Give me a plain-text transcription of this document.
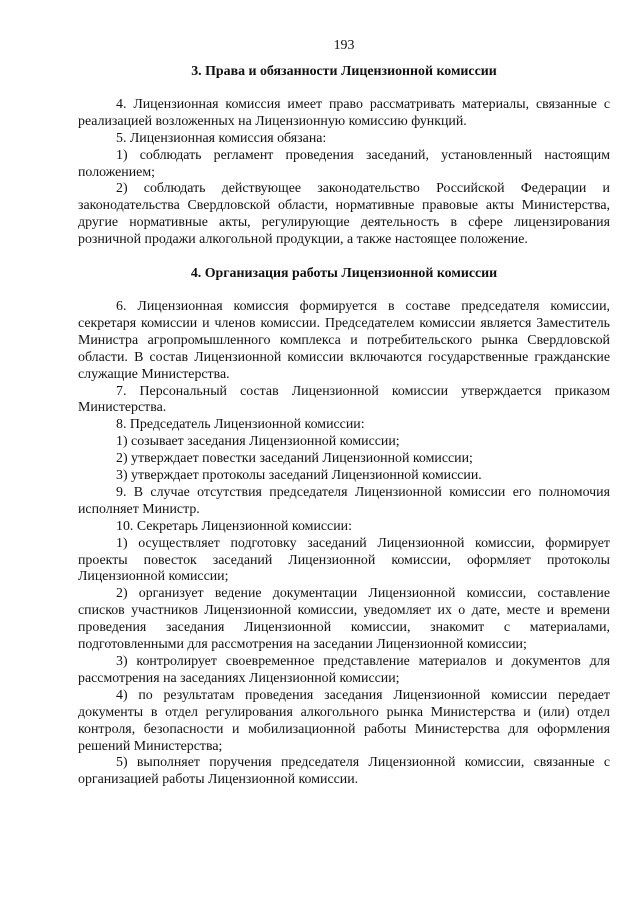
193
3. Права и обязанности Лицензионной комиссии

4. Лицензионная комиссия имеет право рассматривать материалы, связанные с реализацией возложенных на Лицензионную комиссию функций.

5. Лицензионная комиссия обязана:

1) соблюдать регламент проведения заседаний, установленный настоящим положением;

2) соблюдать действующее законодательство Российской Федерации и законодательства Свердловской области, нормативные правовые акты Министерства, другие нормативные акты, регулирующие деятельность в сфере лицензирования розничной продажи алкогольной продукции, а также настоящее положение.

4. Организация работы Лицензионной комиссии

6. Лицензионная комиссия формируется в составе председателя комиссии, секретаря комиссии и членов комиссии. Председателем комиссии является Заместитель Министра агропромышленного комплекса и потребительского рынка Свердловской области. В состав Лицензионной комиссии включаются государственные гражданские служащие Министерства.

7. Персональный состав Лицензионной комиссии утверждается приказом Министерства.

8. Председатель Лицензионной комиссии:

1) созывает заседания Лицензионной комиссии;

2) утверждает повестки заседаний Лицензионной комиссии;

3) утверждает протоколы заседаний Лицензионной комиссии.

9. В случае отсутствия председателя Лицензионной комиссии его полномочия исполняет Министр.

10. Секретарь Лицензионной комиссии:

1) осуществляет подготовку заседаний Лицензионной комиссии, формирует проекты повесток заседаний Лицензионной комиссии, оформляет протоколы Лицензионной комиссии;

2) организует ведение документации Лицензионной комиссии, составление списков участников Лицензионной комиссии, уведомляет их о дате, месте и времени проведения заседания Лицензионной комиссии, знакомит с материалами, подготовленными для рассмотрения на заседании Лицензионной комиссии;

3) контролирует своевременное представление материалов и документов для рассмотрения на заседаниях Лицензионной комиссии;

4) по результатам проведения заседания Лицензионной комиссии передает документы в отдел регулирования алкогольного рынка Министерства и (или) отдел контроля, безопасности и мобилизационной работы Министерства для оформления решений Министерства;

5) выполняет поручения председателя Лицензионной комиссии, связанные с организацией работы Лицензионной комиссии.
